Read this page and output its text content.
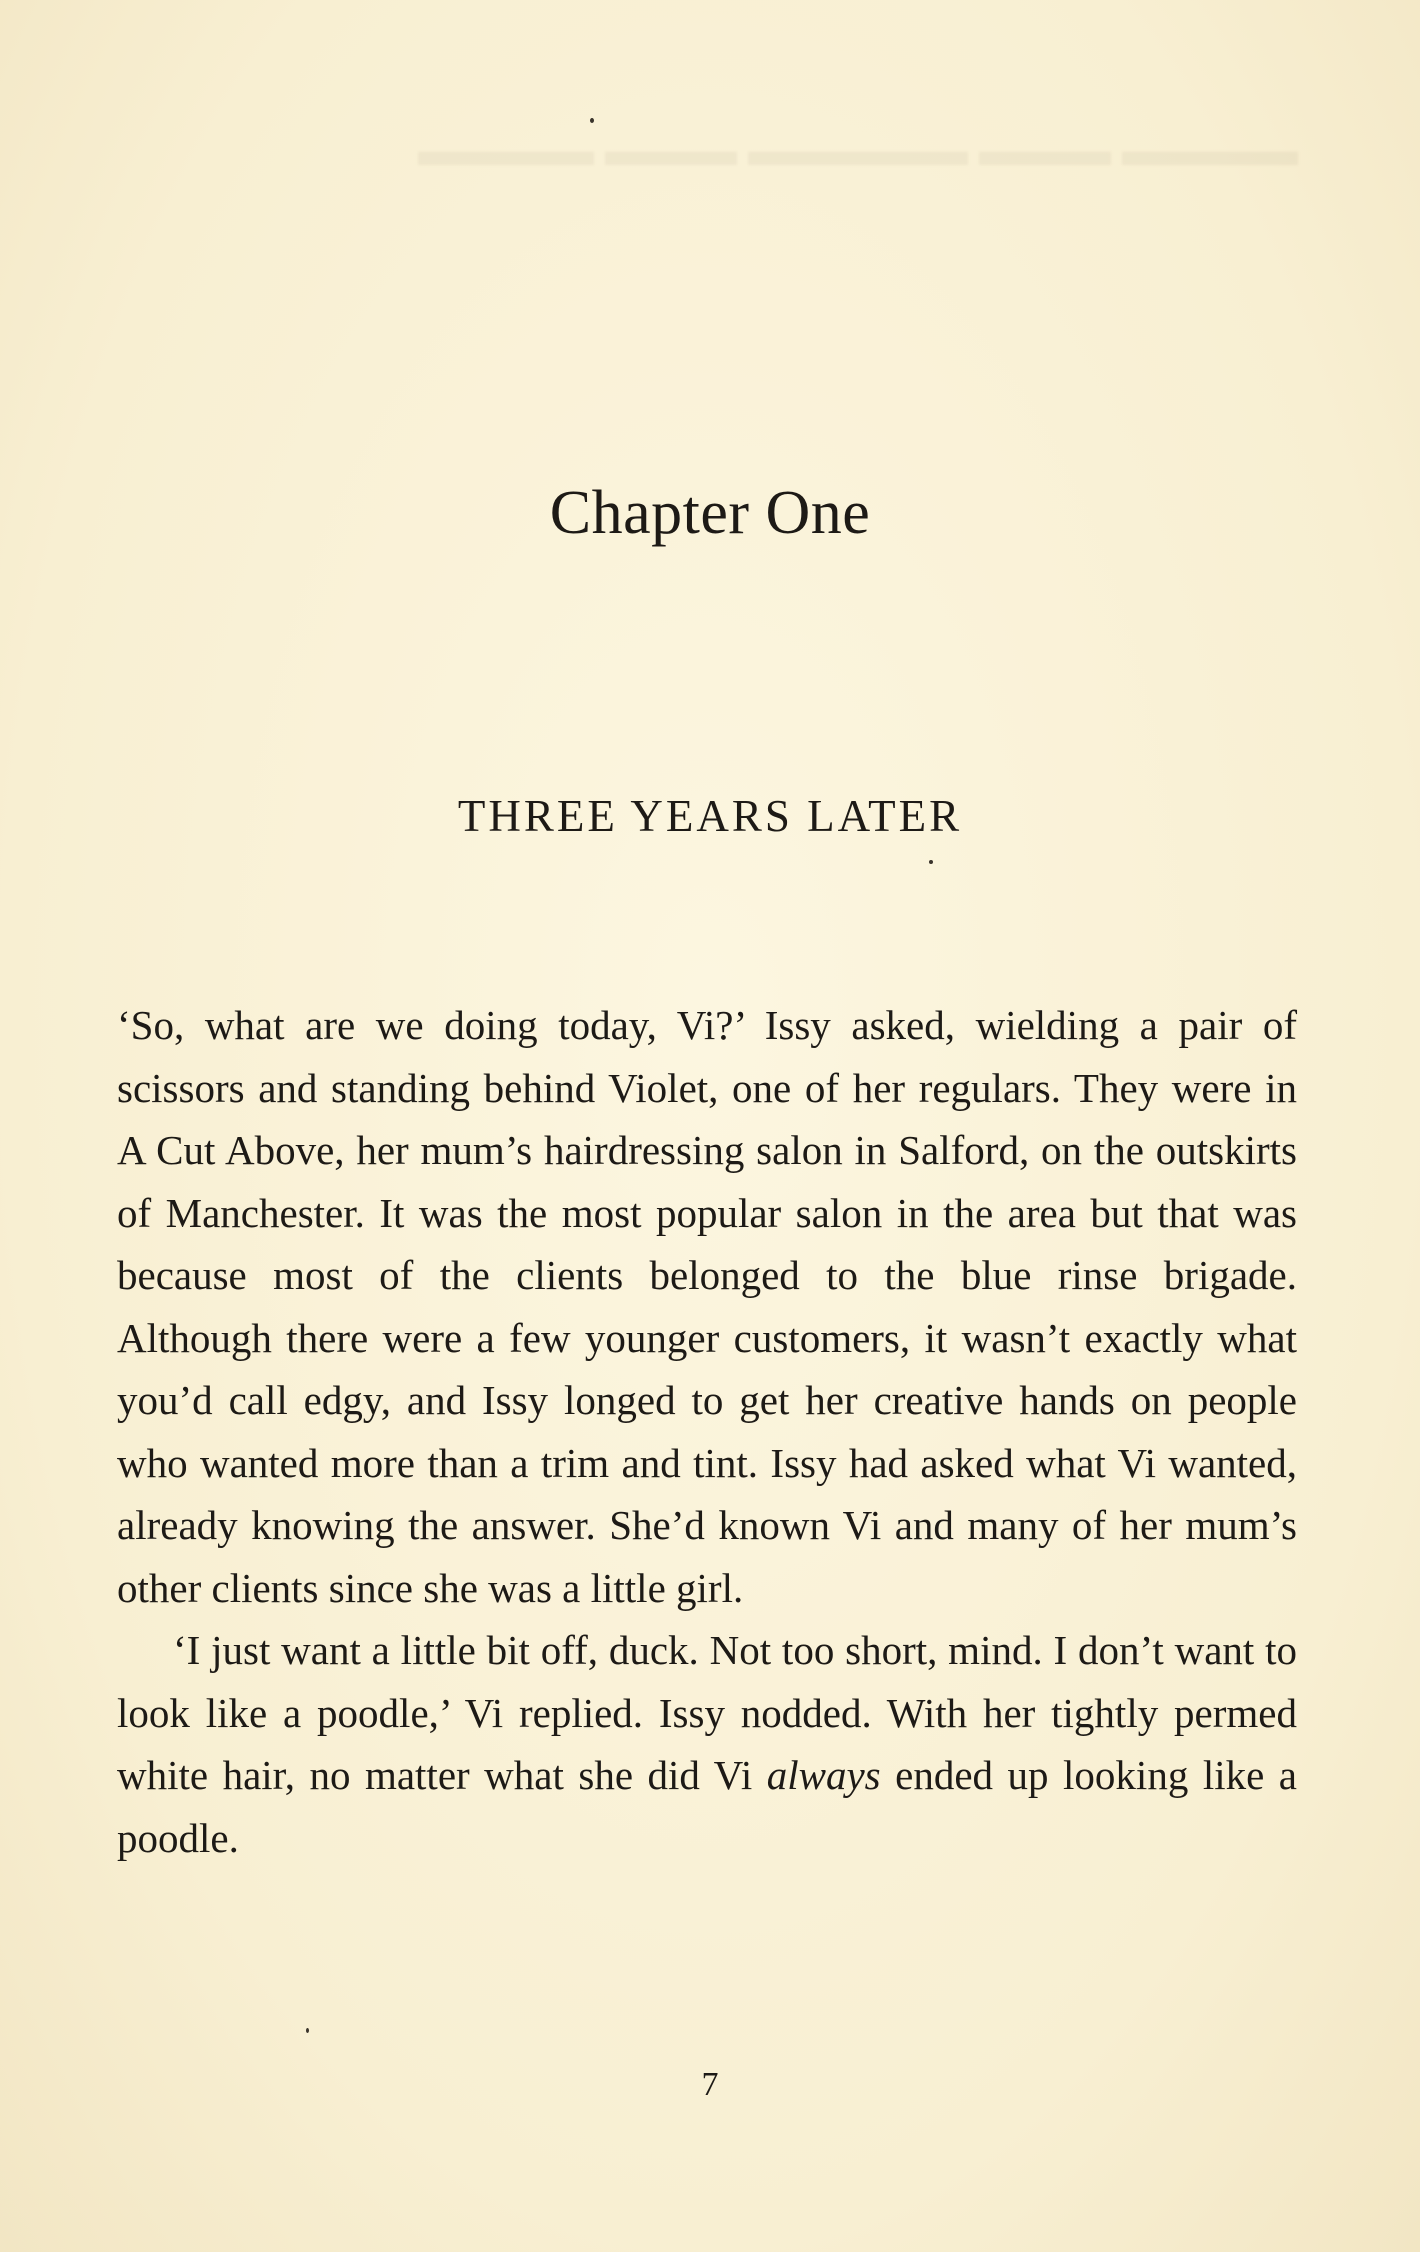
▬▬▬▬ ▬▬▬ ▬▬▬▬▬ ▬▬▬ ▬▬▬▬

Chapter One
THREE YEARS LATER

‘So, what are we doing today, Vi?’ Issy asked, wielding a pair of scissors and standing behind Violet, one of her regulars. They were in A Cut Above, her mum’s hairdressing salon in Salford, on the outskirts of Manchester. It was the most popular salon in the area but that was because most of the clients belonged to the blue rinse brigade. Although there were a few younger customers, it wasn’t exactly what you’d call edgy, and Issy longed to get her creative hands on people who wanted more than a trim and tint. Issy had asked what Vi wanted, already knowing the answer. She’d known Vi and many of her mum’s other clients since she was a little girl.

‘I just want a little bit off, duck. Not too short, mind. I don’t want to look like a poodle,’ Vi replied. Issy nodded. With her tightly permed white hair, no matter what she did Vi always ended up looking like a poodle.

7
